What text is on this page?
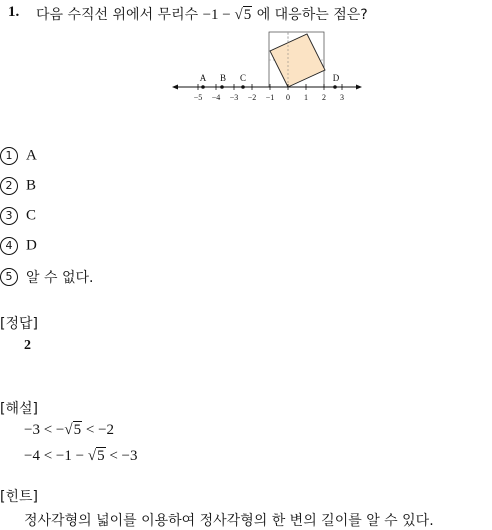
1. 다음 수직선 위에서 무리수 −1 − √5 에 대응하는 점은?
−5 −4 −3 −2 −1 0 1 2 3
A B C	D
1 A
2 B
3 C
4 D
5 알 수 없다.
[정답]
2
[해설]
−3 < −√5 < −2
−4 < −1 − √5 < −3
[힌트]
정사각형의 넓이를 이용하여 정사각형의 한 변의 길이를 알 수 있다.
